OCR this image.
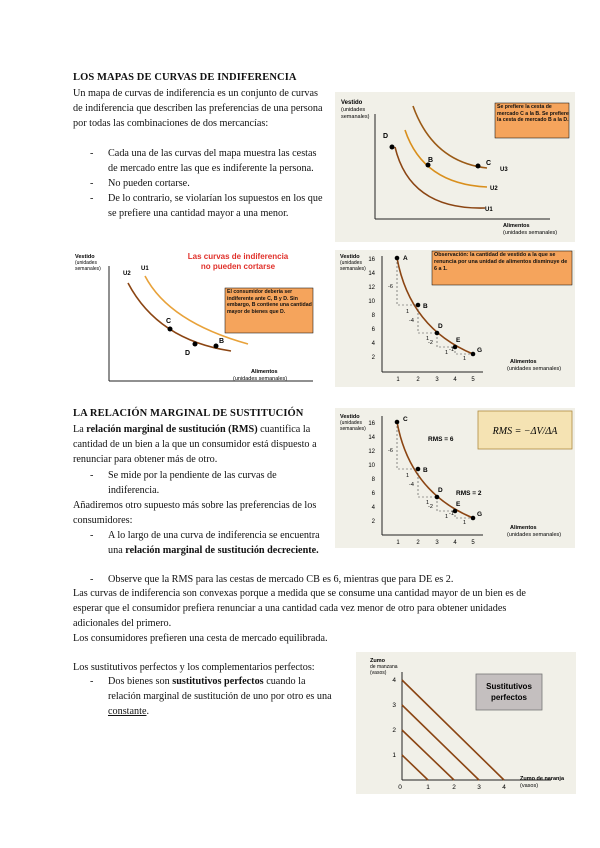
LOS MAPAS DE CURVAS DE INDIFERENCIA
Un mapa de curvas de indiferencia es un conjunto de curvas de indiferencia que describen las preferencias de una persona por todas las combinaciones de dos mercancías:
- Cada una de las curvas del mapa muestra las cestas de mercado entre las que es indiferente la persona.
- No pueden cortarse.
- De lo contrario, se violarían los supuestos en los que se prefiere una cantidad mayor a una menor.
Vestido
(unidades
semanales)
Alimentos
(unidades semanales)
D
B	C
U1
U2
U3
Se prefiere la cesta de mercado C a la B. Se prefiere la cesta de mercado B a la D.
Vestido
(unidades
semanales)
Las curvas de indiferencia
no pueden cortarse
Alimentos
(unidades semanales)
U2
U1
C
B
D
El consumidor debería ser indiferente ante C, B y D. Sin embargo, B contiene una cantidad mayor de bienes que D.
Vestido
(unidades
semanales)
16
14
12
10
8
6
4
2
1	2	3 4 5
Alimentos
(unidades semanales)
A
B
D
E
G
-6
1
-4
1
-2
1 -1
1
Observación: la cantidad de vestido a la que se renuncia por una unidad de alimentos disminuye de 6 a 1.
LA RELACIÓN MARGINAL DE SUSTITUCIÓN
La relación marginal de sustitución (RMS) cuantifica la cantidad de un bien a la que un consumidor está dispuesto a renunciar para obtener más de otro.
- Se mide por la pendiente de las curvas de indiferencia.
Añadiremos otro supuesto más sobre las preferencias de los consumidores:
- A lo largo de una curva de indiferencia se encuentra una relación marginal de sustitución decreciente.
- Observe que la RMS para las cestas de mercado CB es 6, mientras que para DE es 2.
Las curvas de indiferencia son convexas porque a medida que se consume una cantidad mayor de un bien es de esperar que el consumidor prefiera renunciar a una cantidad cada vez menor de otro para obtener unidades adicionales del primero.
Los consumidores prefieren una cesta de mercado equilibrada.
Vestido
(unidades
semanales)
16
14
12
10
8
6
4
2
1	2	3 4 5
Alimentos
(unidades semanales)
C
B
D
E
G
-6
1
-4
1
-2
1 -1
1
RMS = 6
RMS = 2
RMS = −ΔV/ΔA
Los sustitutivos perfectos y los complementarios perfectos:
- Dos bienes son sustitutivos perfectos cuando la relación marginal de sustitución de uno por otro es una constante.
Zumo
de manzana
(vasos)
4
3
2
1
0	1	2	3	4
Zumo de naranja
(vasos)
Sustitutivos
perfectos
